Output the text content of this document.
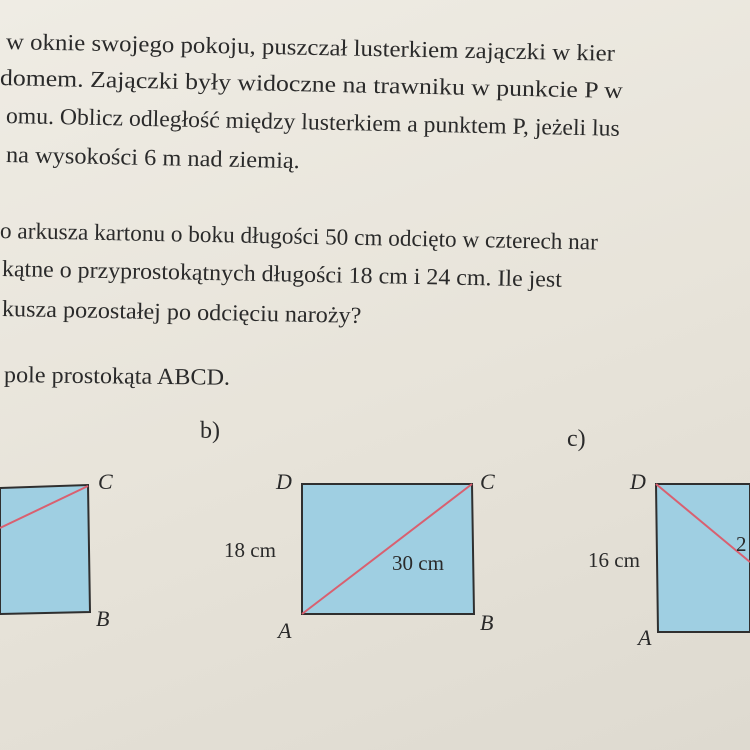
w oknie swojego pokoju, puszczał lusterkiem zajączki w kier
domem. Zajączki były widoczne na trawniku w punkcie P w
omu. Oblicz odległość między lusterkiem a punktem P, jeżeli lus
na wysokości 6 m nad ziemią.
o arkusza kartonu o boku długości 50 cm odcięto w czterech nar
kątne o przyprostokątnych długości 18 cm i 24 cm. Ile jest
kusza pozostałej po odcięciu naroży?
pole prostokąta ABCD.
b)	c)
C
B
D	C
A	B
18 cm
30 cm
D
A
16 cm
2
